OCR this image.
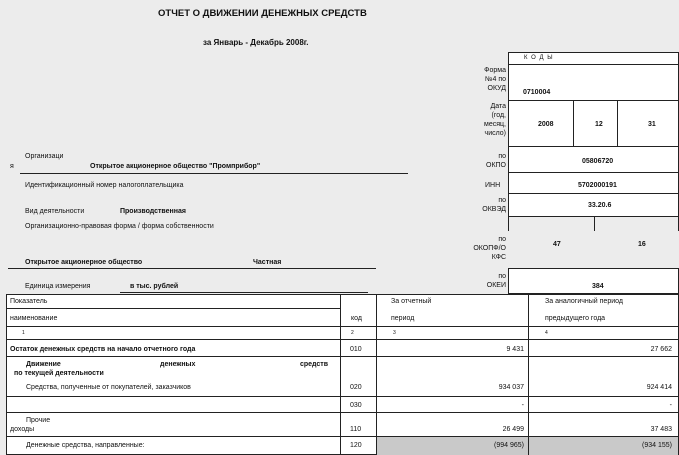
ОТЧЕТ О ДВИЖЕНИИ ДЕНЕЖНЫХ СРЕДСТВ
за Январь - Декабрь 2008г.
К О Д Ы
Форма
№4 по
ОКУД
0710004
Дата
(год,
месяц,
число)
2008	12	31
Организаци
я	Открытое акционерное общество "Промприбор"
по
ОКПО
05806720
Идентификационный номер налогоплательщика	ИНН	5702000191
Вид деятельности	Производственная
по
ОКВЭД
33.20.6
Организационно-правовая форма / форма собственности
по
ОКОПФ/О
КФС
47	16
Открытое акционерное общество	Частная
Единица измерения	в тыс. рублей
по
ОКЕИ	384
Показатель
наименование	код
За отчетный
период
За аналогичный период
предыдущего года
1	2	3	4
Остаток денежных средств на начало отчетного года	010	9 431	27 662
Движение	денежных	средств
по текущей деятельности
Средства, полученные от покупателей, заказчиков	020	934 037	924 414
030	-	-
Прочие
доходы	110	26 499	37 483
Денежные средства, направленные:	120	(994 965)	(934 155)
